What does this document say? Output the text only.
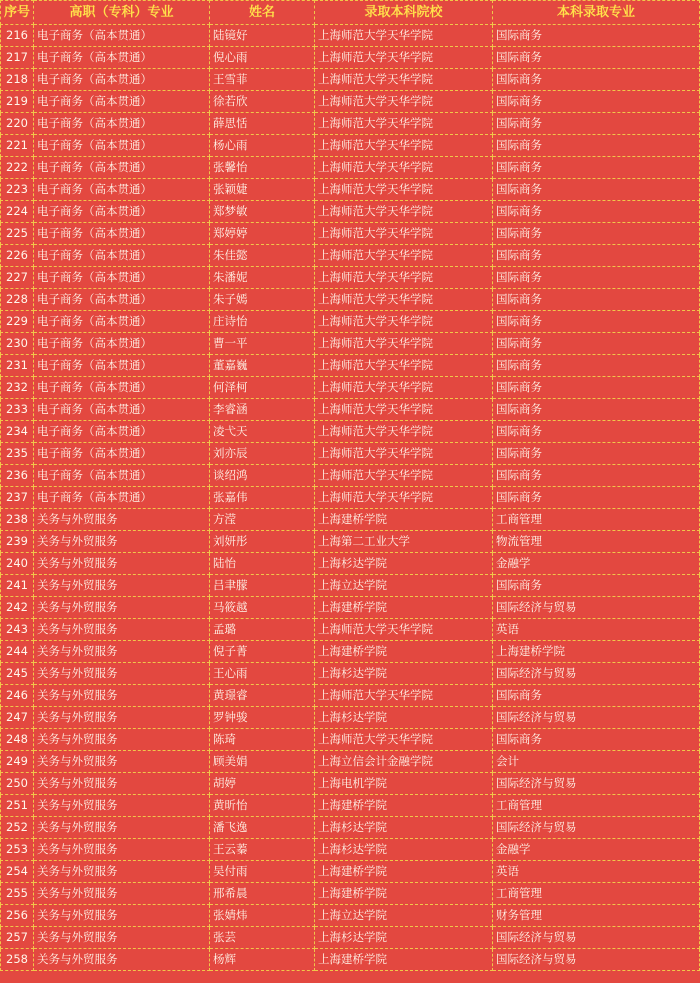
序号	高职（专科）专业	姓名	录取本科院校	本科录取专业
216	电子商务（高本贯通）	陆镜好	上海师范大学天华学院	国际商务
217	电子商务（高本贯通）	倪心雨	上海师范大学天华学院	国际商务
218	电子商务（高本贯通）	王雪菲	上海师范大学天华学院	国际商务
219	电子商务（高本贯通）	徐若欣	上海师范大学天华学院	国际商务
220	电子商务（高本贯通）	薛思恬	上海师范大学天华学院	国际商务
221	电子商务（高本贯通）	杨心雨	上海师范大学天华学院	国际商务
222	电子商务（高本贯通）	张馨怡	上海师范大学天华学院	国际商务
223	电子商务（高本贯通）	张颖婕	上海师范大学天华学院	国际商务
224	电子商务（高本贯通）	郑梦敏	上海师范大学天华学院	国际商务
225	电子商务（高本贯通）	郑婷婷	上海师范大学天华学院	国际商务
226	电子商务（高本贯通）	朱佳懿	上海师范大学天华学院	国际商务
227	电子商务（高本贯通）	朱潘妮	上海师范大学天华学院	国际商务
228	电子商务（高本贯通）	朱子嫣	上海师范大学天华学院	国际商务
229	电子商务（高本贯通）	庄诗怡	上海师范大学天华学院	国际商务
230	电子商务（高本贯通）	曹一平	上海师范大学天华学院	国际商务
231	电子商务（高本贯通）	董嘉巍	上海师范大学天华学院	国际商务
232	电子商务（高本贯通）	何泽柯	上海师范大学天华学院	国际商务
233	电子商务（高本贯通）	李睿涵	上海师范大学天华学院	国际商务
234	电子商务（高本贯通）	凌弋天	上海师范大学天华学院	国际商务
235	电子商务（高本贯通）	刘亦辰	上海师范大学天华学院	国际商务
236	电子商务（高本贯通）	谈绍鸿	上海师范大学天华学院	国际商务
237	电子商务（高本贯通）	张嘉伟	上海师范大学天华学院	国际商务
238	关务与外贸服务	方滢	上海建桥学院	工商管理
239	关务与外贸服务	刘妍彤	上海第二工业大学	物流管理
240	关务与外贸服务	陆怡	上海杉达学院	金融学
241	关务与外贸服务	吕聿朦	上海立达学院	国际商务
242	关务与外贸服务	马筱越	上海建桥学院	国际经济与贸易
243	关务与外贸服务	孟璐	上海师范大学天华学院	英语
244	关务与外贸服务	倪子菁	上海建桥学院	上海建桥学院
245	关务与外贸服务	王心雨	上海杉达学院	国际经济与贸易
246	关务与外贸服务	黄璟睿	上海师范大学天华学院	国际商务
247	关务与外贸服务	罗钟骏	上海杉达学院	国际经济与贸易
248	关务与外贸服务	陈琦	上海师范大学天华学院	国际商务
249	关务与外贸服务	顾美娟	上海立信会计金融学院	会计
250	关务与外贸服务	胡婷	上海电机学院	国际经济与贸易
251	关务与外贸服务	黄昕怡	上海建桥学院	工商管理
252	关务与外贸服务	潘飞逸	上海杉达学院	国际经济与贸易
253	关务与外贸服务	王云蓁	上海杉达学院	金融学
254	关务与外贸服务	吴付雨	上海建桥学院	英语
255	关务与外贸服务	邢希晨	上海建桥学院	工商管理
256	关务与外贸服务	张婧炜	上海立达学院	财务管理
257	关务与外贸服务	张芸	上海杉达学院	国际经济与贸易
258	关务与外贸服务	杨辉	上海建桥学院	国际经济与贸易
